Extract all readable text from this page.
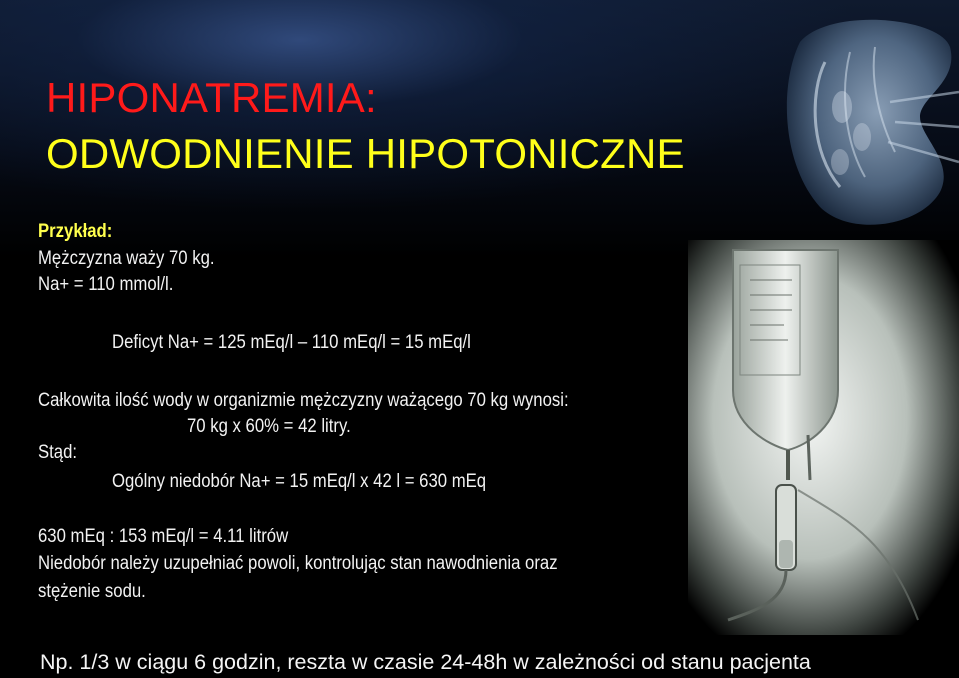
HIPONATREMIA:
ODWODNIENIE HIPOTONICZNE
Przykład:
Mężczyzna waży 70 kg.
Na+ = 110 mmol/l.
Deficyt Na+ = 125 mEq/l – 110 mEq/l = 15 mEq/l
Całkowita ilość wody w organizmie mężczyzny ważącego 70 kg wynosi:
70 kg x 60% = 42 litry.
Stąd:
Ogólny niedobór Na+ = 15 mEq/l x 42 l = 630 mEq
630 mEq : 153 mEq/l = 4.11 litrów
Niedobór należy uzupełniać powoli, kontrolując stan nawodnienia oraz
stężenie sodu.
Np. 1/3 w ciągu 6 godzin, reszta w czasie 24-48h w zależności od stanu pacjenta
